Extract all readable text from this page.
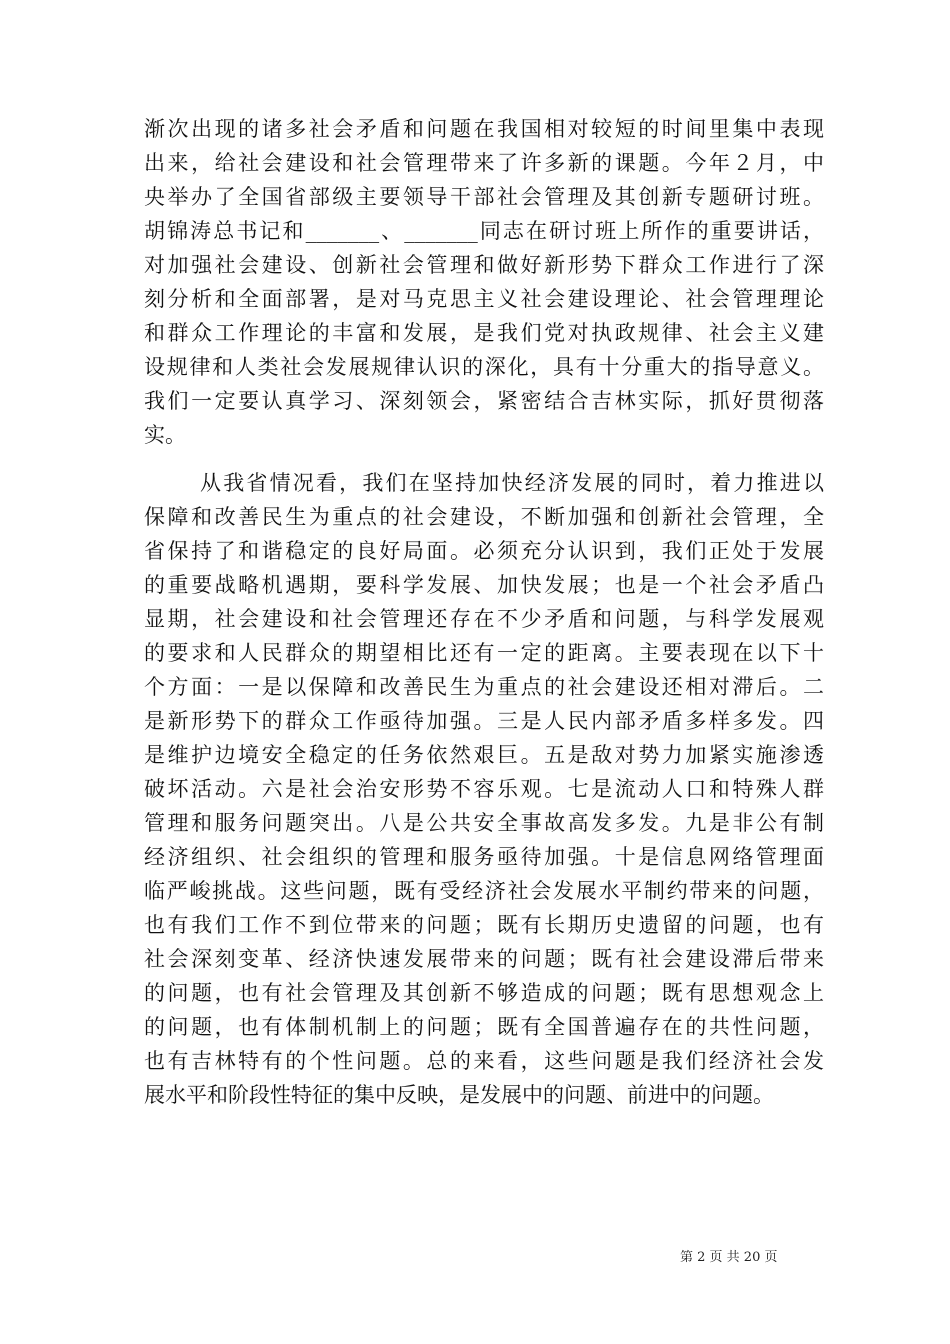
渐次出现的诸多社会矛盾和问题在我国相对较短的时间里集中表现
出来，给社会建设和社会管理带来了许多新的课题。今年２月，中
央举办了全国省部级主要领导干部社会管理及其创新专题研讨班。
胡锦涛总书记和_______、_______同志在研讨班上所作的重要讲话，
对加强社会建设、创新社会管理和做好新形势下群众工作进行了深
刻分析和全面部署，是对马克思主义社会建设理论、社会管理理论
和群众工作理论的丰富和发展，是我们党对执政规律、社会主义建
设规律和人类社会发展规律认识的深化，具有十分重大的指导意义。
我们一定要认真学习、深刻领会，紧密结合吉林实际，抓好贯彻落
实。
从我省情况看，我们在坚持加快经济发展的同时，着力推进以
保障和改善民生为重点的社会建设，不断加强和创新社会管理，全
省保持了和谐稳定的良好局面。必须充分认识到，我们正处于发展
的重要战略机遇期，要科学发展、加快发展；也是一个社会矛盾凸
显期，社会建设和社会管理还存在不少矛盾和问题，与科学发展观
的要求和人民群众的期望相比还有一定的距离。主要表现在以下十
个方面：一是以保障和改善民生为重点的社会建设还相对滞后。二
是新形势下的群众工作亟待加强。三是人民内部矛盾多样多发。四
是维护边境安全稳定的任务依然艰巨。五是敌对势力加紧实施渗透
破坏活动。六是社会治安形势不容乐观。七是流动人口和特殊人群
管理和服务问题突出。八是公共安全事故高发多发。九是非公有制
经济组织、社会组织的管理和服务亟待加强。十是信息网络管理面
临严峻挑战。这些问题，既有受经济社会发展水平制约带来的问题，
也有我们工作不到位带来的问题；既有长期历史遗留的问题，也有
社会深刻变革、经济快速发展带来的问题；既有社会建设滞后带来
的问题，也有社会管理及其创新不够造成的问题；既有思想观念上
的问题，也有体制机制上的问题；既有全国普遍存在的共性问题，
也有吉林特有的个性问题。总的来看，这些问题是我们经济社会发
展水平和阶段性特征的集中反映，是发展中的问题、前进中的问题。
第 2 页 共 20 页
